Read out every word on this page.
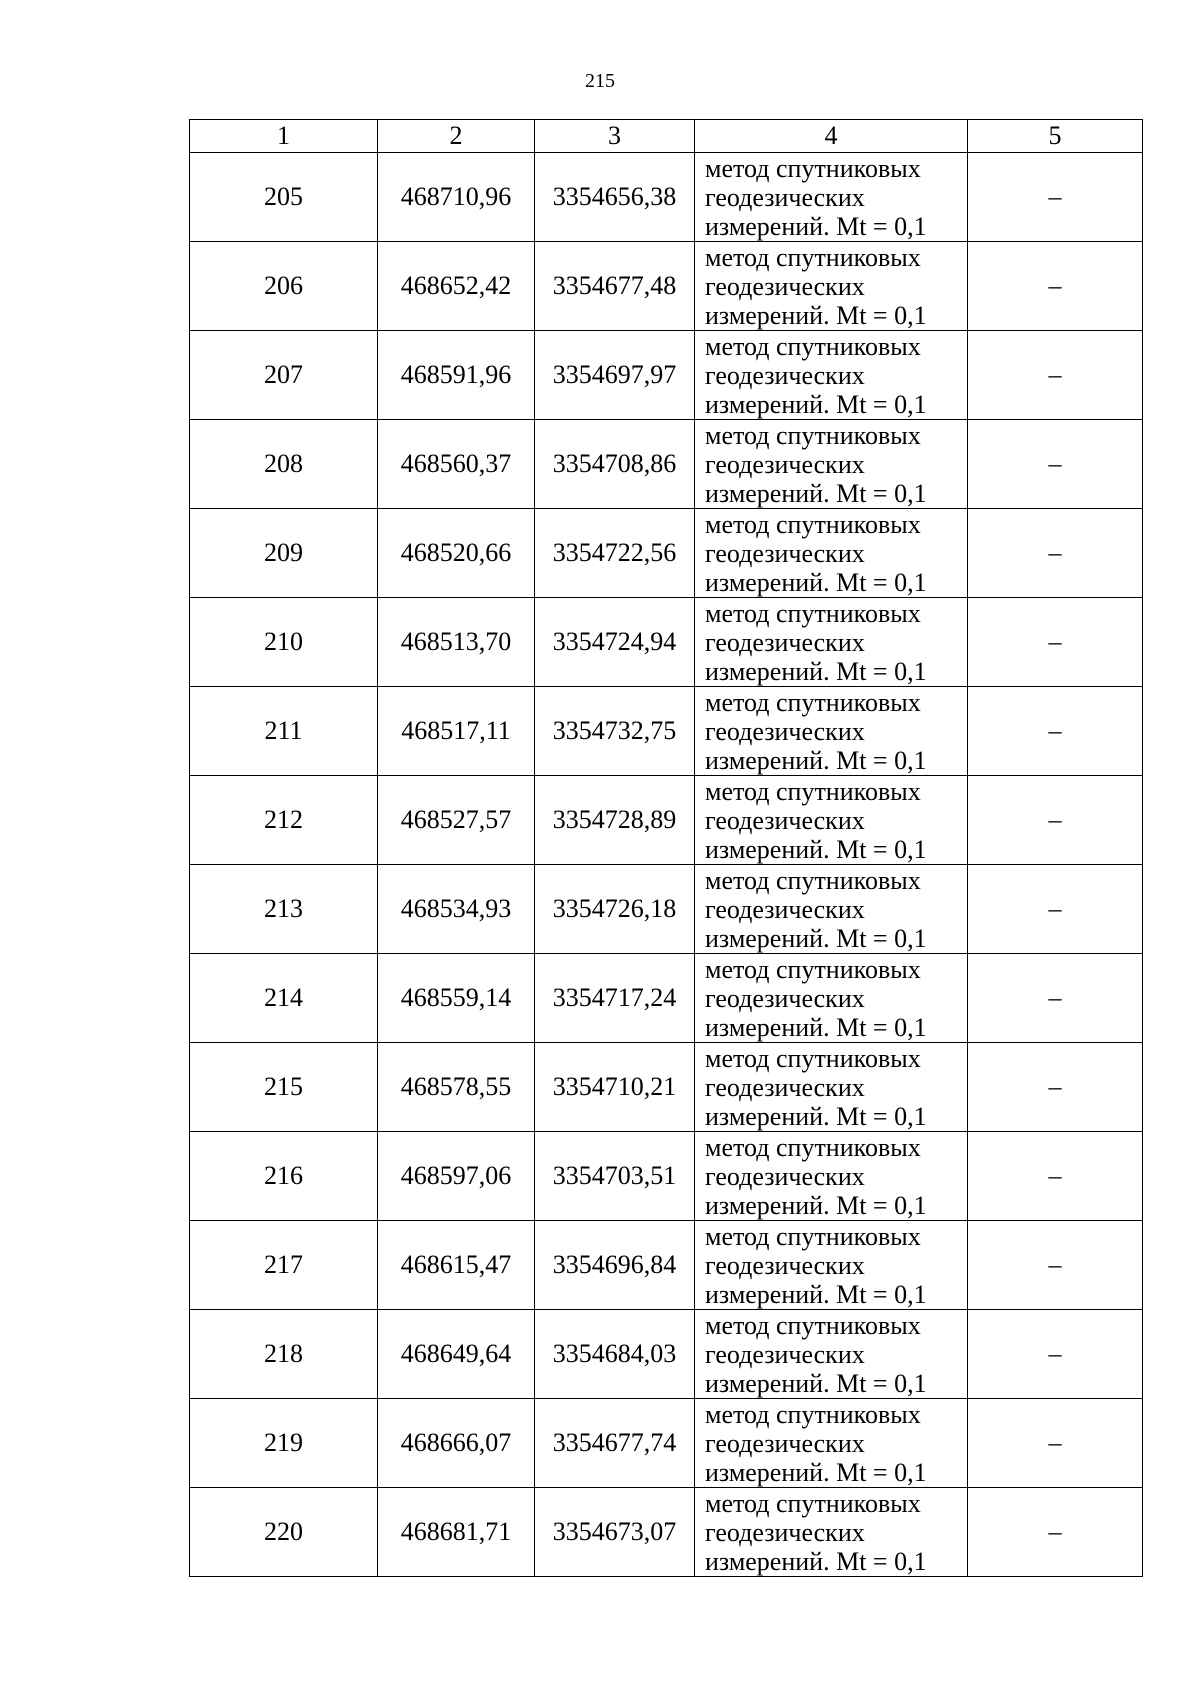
215
1	2	3	4	5
205	468710,96	3354656,38	метод спутниковых
геодезических
измерений. Mt = 0,1	–
206	468652,42	3354677,48	метод спутниковых
геодезических
измерений. Mt = 0,1	–
207	468591,96	3354697,97	метод спутниковых
геодезических
измерений. Mt = 0,1	–
208	468560,37	3354708,86	метод спутниковых
геодезических
измерений. Mt = 0,1	–
209	468520,66	3354722,56	метод спутниковых
геодезических
измерений. Mt = 0,1	–
210	468513,70	3354724,94	метод спутниковых
геодезических
измерений. Mt = 0,1	–
211	468517,11	3354732,75	метод спутниковых
геодезических
измерений. Mt = 0,1	–
212	468527,57	3354728,89	метод спутниковых
геодезических
измерений. Mt = 0,1	–
213	468534,93	3354726,18	метод спутниковых
геодезических
измерений. Mt = 0,1	–
214	468559,14	3354717,24	метод спутниковых
геодезических
измерений. Mt = 0,1	–
215	468578,55	3354710,21	метод спутниковых
геодезических
измерений. Mt = 0,1	–
216	468597,06	3354703,51	метод спутниковых
геодезических
измерений. Mt = 0,1	–
217	468615,47	3354696,84	метод спутниковых
геодезических
измерений. Mt = 0,1	–
218	468649,64	3354684,03	метод спутниковых
геодезических
измерений. Mt = 0,1	–
219	468666,07	3354677,74	метод спутниковых
геодезических
измерений. Mt = 0,1	–
220	468681,71	3354673,07	метод спутниковых
геодезических
измерений. Mt = 0,1	–
